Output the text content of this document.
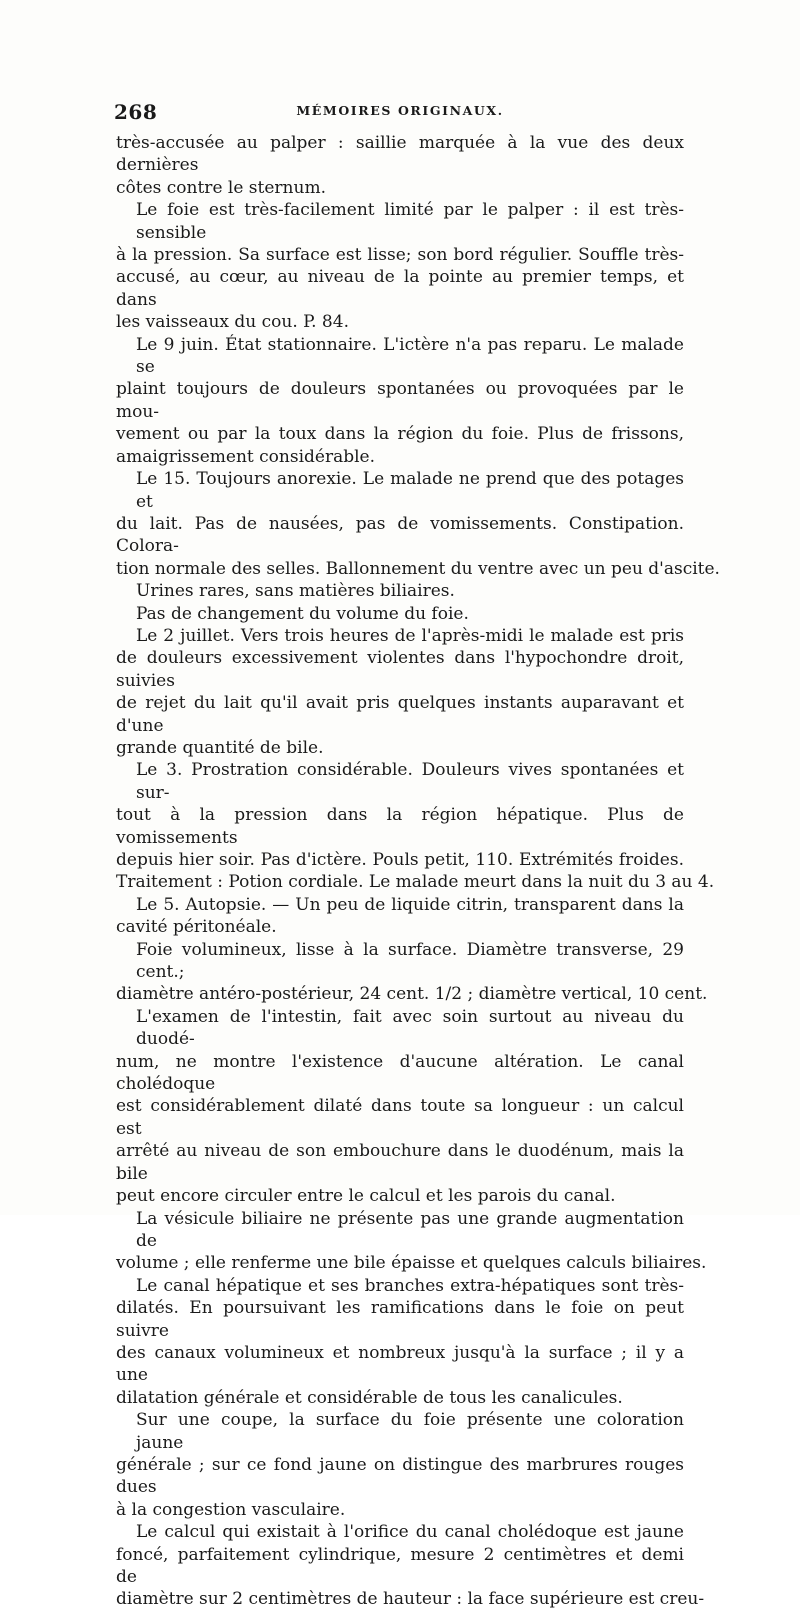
268	MÉMOIRES ORIGINAUX.
très-accusée au palper : saillie marquée à la vue des deux dernières
côtes contre le sternum.
Le foie est très-facilement limité par le palper : il est très-sensible
à la pression. Sa surface est lisse; son bord régulier. Souffle très-
accusé, au cœur, au niveau de la pointe au premier temps, et dans
les vaisseaux du cou. P. 84.
Le 9 juin. État stationnaire. L'ictère n'a pas reparu. Le malade se
plaint toujours de douleurs spontanées ou provoquées par le mou-
vement ou par la toux dans la région du foie. Plus de frissons,
amaigrissement considérable.
Le 15. Toujours anorexie. Le malade ne prend que des potages et
du lait. Pas de nausées, pas de vomissements. Constipation. Colora-
tion normale des selles. Ballonnement du ventre avec un peu d'ascite.
Urines rares, sans matières biliaires.
Pas de changement du volume du foie.
Le 2 juillet. Vers trois heures de l'après-midi le malade est pris
de douleurs excessivement violentes dans l'hypochondre droit, suivies
de rejet du lait qu'il avait pris quelques instants auparavant et d'une
grande quantité de bile.
Le 3. Prostration considérable. Douleurs vives spontanées et sur-
tout à la pression dans la région hépatique. Plus de vomissements
depuis hier soir. Pas d'ictère. Pouls petit, 110. Extrémités froides.
Traitement : Potion cordiale. Le malade meurt dans la nuit du 3 au 4.
Le 5. Autopsie. — Un peu de liquide citrin, transparent dans la
cavité péritonéale.
Foie volumineux, lisse à la surface. Diamètre transverse, 29 cent.;
diamètre antéro-postérieur, 24 cent. 1/2 ; diamètre vertical, 10 cent.
L'examen de l'intestin, fait avec soin surtout au niveau du duodé-
num, ne montre l'existence d'aucune altération. Le canal cholédoque
est considérablement dilaté dans toute sa longueur : un calcul est
arrêté au niveau de son embouchure dans le duodénum, mais la bile
peut encore circuler entre le calcul et les parois du canal.
La vésicule biliaire ne présente pas une grande augmentation de
volume ; elle renferme une bile épaisse et quelques calculs biliaires.
Le canal hépatique et ses branches extra-hépatiques sont très-
dilatés. En poursuivant les ramifications dans le foie on peut suivre
des canaux volumineux et nombreux jusqu'à la surface ; il y a une
dilatation générale et considérable de tous les canalicules.
Sur une coupe, la surface du foie présente une coloration jaune
générale ; sur ce fond jaune on distingue des marbrures rouges dues
à la congestion vasculaire.
Le calcul qui existait à l'orifice du canal cholédoque est jaune
foncé, parfaitement cylindrique, mesure 2 centimètres et demi de
diamètre sur 2 centimètres de hauteur : la face supérieure est creu-
